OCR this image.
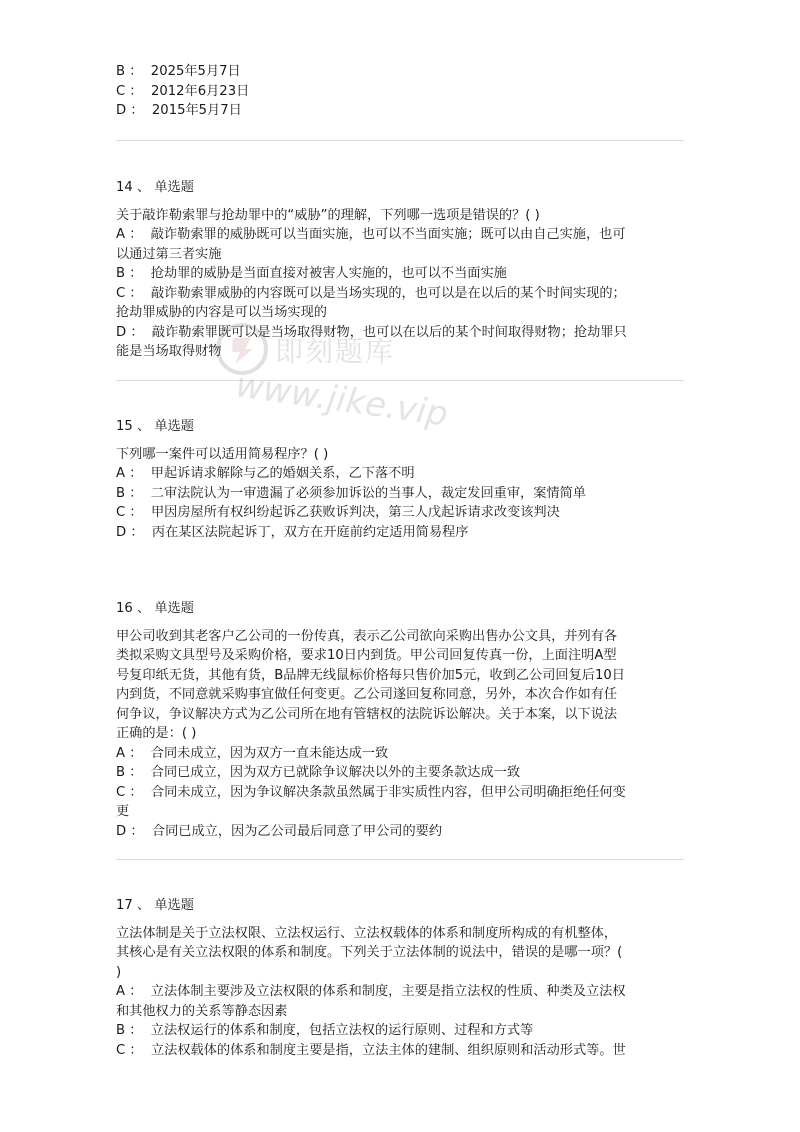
B ：  2025年5月7日
C ：  2012年6月23日
D ：  2015年5月7日
14 、 单选题
关于敲诈勒索罪与抢劫罪中的“威胁”的理解，下列哪一选项是错误的？( )
A ：  敲诈勒索罪的威胁既可以当面实施，也可以不当面实施；既可以由自己实施，也可
以通过第三者实施
B ：  抢劫罪的威胁是当面直接对被害人实施的，也可以不当面实施
C ：  敲诈勒索罪威胁的内容既可以是当场实现的，也可以是在以后的某个时间实现的；
抢劫罪威胁的内容是可以当场实现的
D ：  敲诈勒索罪既可以是当场取得财物，也可以在以后的某个时间取得财物；抢劫罪只
能是当场取得财物
15 、 单选题
下列哪一案件可以适用简易程序？( )
A ：  甲起诉请求解除与乙的婚姻关系，乙下落不明
B ：  二审法院认为一审遗漏了必须参加诉讼的当事人，裁定发回重审，案情简单
C ：  甲因房屋所有权纠纷起诉乙获败诉判决，第三人戊起诉请求改变该判决
D ：  丙在某区法院起诉丁，双方在开庭前约定适用简易程序
16 、 单选题
甲公司收到其老客户乙公司的一份传真，表示乙公司欲向采购出售办公文具，并列有各
类拟采购文具型号及采购价格，要求10日内到货。甲公司回复传真一份，上面注明A型
号复印纸无货，其他有货，B品牌无线鼠标价格每只售价加5元，收到乙公司回复后10日
内到货，不同意就采购事宜做任何变更。乙公司遂回复称同意，另外，本次合作如有任
何争议，争议解决方式为乙公司所在地有管辖权的法院诉讼解决。关于本案，以下说法
正确的是：( )
A ：  合同未成立，因为双方一直未能达成一致
B ：  合同已成立，因为双方已就除争议解决以外的主要条款达成一致
C ：  合同未成立，因为争议解决条款虽然属于非实质性内容，但甲公司明确拒绝任何变
更
D ：  合同已成立，因为乙公司最后同意了甲公司的要约
17 、 单选题
立法体制是关于立法权限、立法权运行、立法权载体的体系和制度所构成的有机整体，
其核心是有关立法权限的体系和制度。下列关于立法体制的说法中，错误的是哪一项？(
)
A ：  立法体制主要涉及立法权限的体系和制度，主要是指立法权的性质、种类及立法权
和其他权力的关系等静态因素
B ：  立法权运行的体系和制度，包括立法权的运行原则、过程和方式等
C ：  立法权载体的体系和制度主要是指，立法主体的建制、组织原则和活动形式等。世
即刻题库
www.jike.vip
